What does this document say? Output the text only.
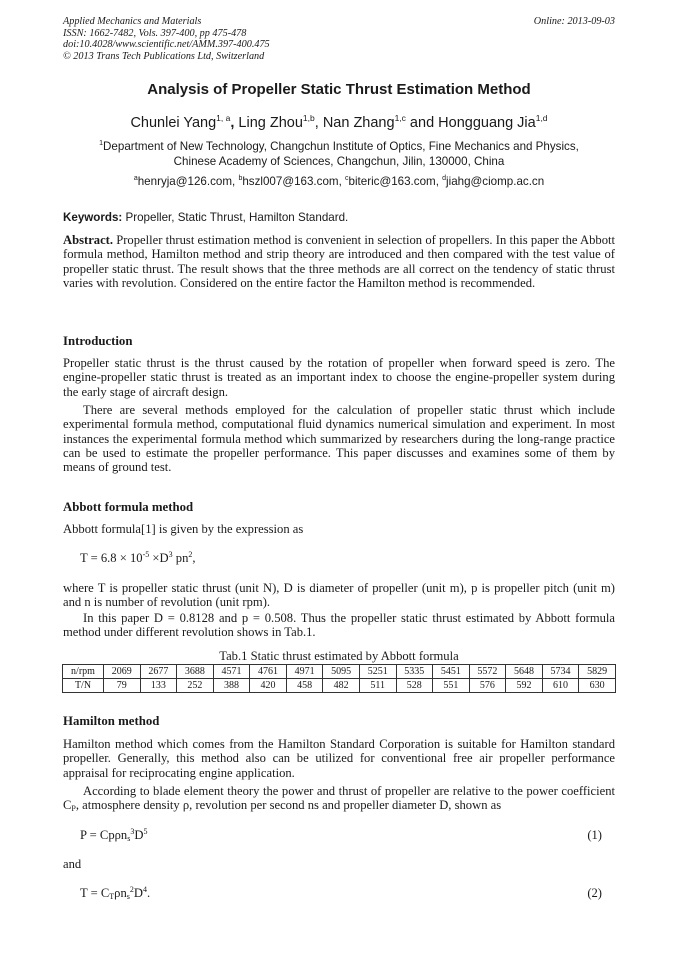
Applied Mechanics and Materials
ISSN: 1662-7482, Vols. 397-400, pp 475-478
doi:10.4028/www.scientific.net/AMM.397-400.475
© 2013 Trans Tech Publications Ltd, Switzerland
Online: 2013-09-03
Analysis of Propeller Static Thrust Estimation Method
Chunlei Yang$^{1, a}$, Ling Zhou$^{1,b}$, Nan Zhang$^{1,c}$ and Hongguang Jia$^{1,d}$
$^1$Department of New Technology, Changchun Institute of Optics, Fine Mechanics and Physics,
Chinese Academy of Sciences, Changchun, Jilin, 130000, China
$^a$henryja@126.com, $^b$hszl007@163.com, $^c$biteric@163.com, $^d$jiahg@ciomp.ac.cn
Keywords: Propeller, Static Thrust, Hamilton Standard.
Abstract. Propeller thrust estimation method is convenient in selection of propellers. In this paper the Abbott formula method, Hamilton method and strip theory are introduced and then compared with the test value of propeller static thrust. The result shows that the three methods are all correct on the tendency of static thrust varies with revolution. Considered on the entire factor the Hamilton method is recommended.
Introduction
Propeller static thrust is the thrust caused by the rotation of propeller when forward speed is zero. The engine-propeller static thrust is treated as an important index to choose the engine-propeller system during the early stage of aircraft design.
There are several methods employed for the calculation of propeller static thrust which include experimental formula method, computational fluid dynamics numerical simulation and experiment. In most instances the experimental formula method which summarized by researchers during the long-range practice can be used to estimate the propeller performance. This paper discusses and examines some of them by means of ground test.
Abbott formula method
Abbott formula[1] is given by the expression as
$T = 6.8 \times 10^{-5} \times D^3$ $pn^2$,
where T is propeller static thrust (unit N), D is diameter of propeller (unit m), p is propeller pitch (unit m) and n is number of revolution (unit rpm).
In this paper D = 0.8128 and p = 0.508. Thus the propeller static thrust estimated by Abbott formula method under different revolution shows in Tab.1.
Tab.1 Static thrust estimated by Abbott formula
n/rpm	2069	2677	3688	4571	4761	4971	5095	5251	5335	5451	5572	5648	5734	5829
T/N	79	133	252	388	420	458	482	511	528	551	576	592	610	630
Hamilton method
Hamilton method which comes from the Hamilton Standard Corporation is suitable for Hamilton standard propeller. Generally, this method also can be utilized for conventional free air propeller performance appraisal for reciprocating engine application.
According to blade element theory the power and thrust of propeller are relative to the power coefficient $C_P$, atmosphere density ρ, revolution per second ns and propeller diameter D, shown as
$P = Cp\rho n_s^3D^5$	(1)
and
$T = C_T\rho n_s^2D^4$.	(2)
